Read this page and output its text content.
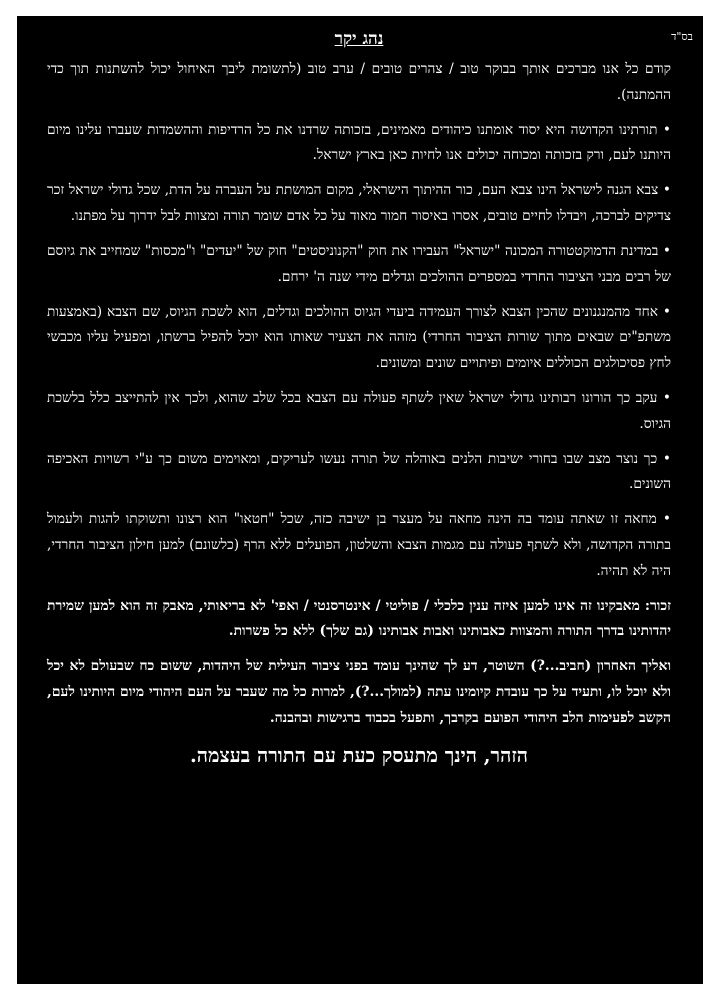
בס"ד
נהג יקר

קודם כל אנו מברכים אותך בבוקר טוב / צהרים טובים / ערב טוב (לתשומת ליבך האיחול יכול להשתנות תוך כדי ההמתנה).

• תורתינו הקדושה היא יסוד אומתנו כיהודים מאמינים, בזכותה שרדנו את כל הרדיפות וההשמדות שעברו עלינו מיום היותנו לעם, ורק בזכותה ומכוחה יכולים אנו לחיות כאן בארץ ישראל.

• צבא הגנה לישראל הינו צבא העם, כור ההיתוך הישראלי, מקום המושתת על העברה על הדת, שכל גדולי ישראל זכר צדיקים לברכה, ויבדלו לחיים טובים, אסרו באיסור חמור מאוד על כל אדם שומר תורה ומצוות לבל ידרוך על מפתנו.

• במדינת הדמוקטטורה המכונה "ישראל" העבירו את חוק "הקנוניסטים" חוק של "יעדים" ו"מכסות" שמחייב את גיוסם של רבים מבני הציבור החרדי במספרים ההולכים וגדלים מידי שנה ה' ירחם.

• אחד מהמנגנונים שהכין הצבא לצורך העמידה ביעדי הגיוס ההולכים וגדלים, הוא לשכת הגיוס, שם הצבא (באמצעות משתפ"ים שבאים מתוך שורות הציבור החרדי) מזהה את הצעיר שאותו הוא יוכל להפיל ברשתו, ומפעיל עליו מכבשי לחץ פסיכולגים הכוללים איומים ופיתויים שונים ומשונים.

• עקב כך הורונו רבותינו גדולי ישראל שאין לשתף פעולה עם הצבא בכל שלב שהוא, ולכך אין להתייצב כלל בלשכת הגיוס.

• כך נוצר מצב שבו בחורי ישיבות הלנים באוהלה של תורה נעשו לעריקים, ומאוימים משום כך ע"י רשויות האכיפה השונים.

• מחאה זו שאתה עומד בה הינה מחאה על מעצר בן ישיבה כזה, שכל "חטאו" הוא רצונו ותשוקתו להגות ולעמול בתורה הקדושה, ולא לשתף פעולה עם מגמות הצבא והשלטון, הפועלים ללא הרף (כלשונם) למען חילון הציבור החרדי, היה לא תהיה.

זכור: מאבקינו זה אינו למען איזה ענין כלכלי / פוליטי / אינטרסנטי / ואפי' לא בריאותי, מאבק זה הוא למען שמירת יהדותינו בדרך התורה והמצוות כאבותינו ואבות אבותינו (גם שלך) ללא כל פשרות.

ואליך האחרון (חביב...?) השוטר, דע לך שהינך עומד בפני ציבור העילית של היהדות, ששום כח שבעולם לא יכל ולא יוכל לו, ותעיד על כך עובדת קיומינו עתה (למולך...?), למרות כל מה שעבר על העם היהודי מיום היותינו לעם, הקשב לפעימות הלב היהודי הפועם בקרבך, ותפעל בכבוד ברגישות ובהבנה.

הזהר, הינך מתעסק כעת עם התורה בעצמה.
